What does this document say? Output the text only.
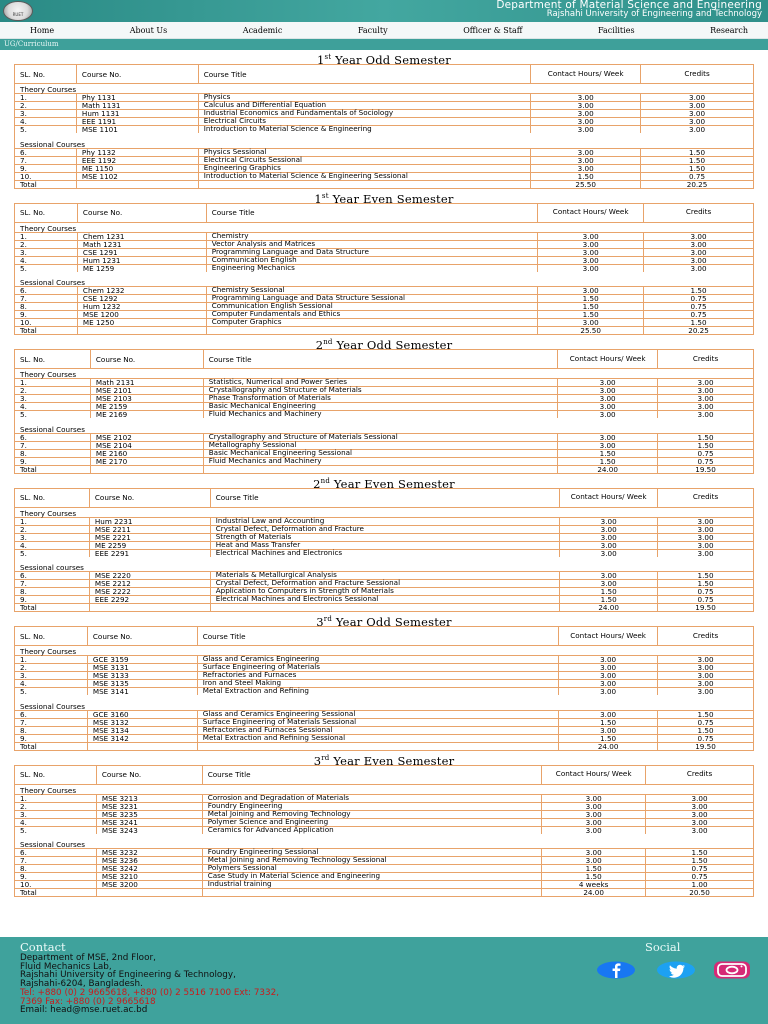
RUET
Department of Material Science and Engineering
Rajshahi University of Engineering and Technology
Home	About Us	Academic	Faculty	Officer & Staff	Facilities	Research
UG/Curriculum
1st Year Odd Semester
SL. No.	Course No.	Course Title	Contact Hours/ Week	Credits
Theory Courses				
1.	Phy 1131	Physics	3.00	3.00
2.	Math 1131	Calculus and Differential Equation	3.00	3.00
3.	Hum 1131	Industrial Economics and Fundamentals of Sociology	3.00	3.00
4.	EEE 1191	Electrical Circuits	3.00	3.00
5.	MSE 1101	Introduction to Material Science & Engineering	3.00	3.00

Sessional Courses				
6.	Phy 1132	Physics Sessional	3.00	1.50
7.	EEE 1192	Electrical Circuits Sessional	3.00	1.50
9.	ME 1150	Engineering Graphics	3.00	1.50
10.	MSE 1102	Introduction to Material Science & Engineering Sessional	1.50	0.75
Total			25.50	20.25
1st Year Even Semester
SL. No.	Course No.	Course Title	Contact Hours/ Week	Credits
Theory Courses				
1.	Chem 1231	Chemistry	3.00	3.00
2.	Math 1231	Vector Analysis and Matrices	3.00	3.00
3.	CSE 1291	Programming Language and Data Structure	3.00	3.00
4.	Hum 1231	Communication English	3.00	3.00
5.	ME 1259	Engineering Mechanics	3.00	3.00

Sessional Courses				
6.	Chem 1232	Chemistry Sessional	3.00	1.50
7.	CSE 1292	Programming Language and Data Structure Sessional	1.50	0.75
8.	Hum 1232	Communication English Sessional	1.50	0.75
9.	MSE 1200	Computer Fundamentals and Ethics	1.50	0.75
10.	ME 1250	Computer Graphics	3.00	1.50
Total			25.50	20.25
2nd Year Odd Semester
SL. No.	Course No.	Course Title	Contact Hours/ Week	Credits
Theory Courses				
1.	Math 2131	Statistics, Numerical and Power Series	3.00	3.00
2.	MSE 2101	Crystallography and Structure of Materials	3.00	3.00
3.	MSE 2103	Phase Transformation of Materials	3.00	3.00
4.	ME 2159	Basic Mechanical Engineering	3.00	3.00
5.	ME 2169	Fluid Mechanics and Machinery	3.00	3.00

Sessional Courses				
6.	MSE 2102	Crystallography and Structure of Materials Sessional	3.00	1.50
7.	MSE 2104	Metallography Sessional	3.00	1.50
8.	ME 2160	Basic Mechanical Engineering Sessional	1.50	0.75
9.	ME 2170	Fluid Mechanics and Machinery	1.50	0.75
Total			24.00	19.50
2nd Year Even Semester
SL. No.	Course No.	Course Title	Contact Hours/ Week	Credits
Theory Courses				
1.	Hum 2231	Industrial Law and Accounting	3.00	3.00
2.	MSE 2211	Crystal Defect, Deformation and Fracture	3.00	3.00
3.	MSE 2221	Strength of Materials	3.00	3.00
4.	ME 2259	Heat and Mass Transfer	3.00	3.00
5.	EEE 2291	Electrical Machines and Electronics	3.00	3.00

Sessional courses				
6.	MSE 2220	Materials & Metallurgical Analysis	3.00	1.50
7.	MSE 2212	Crystal Defect, Deformation and Fracture Sessional	3.00	1.50
8.	MSE 2222	Application to Computers in Strength of Materials	1.50	0.75
9.	EEE 2292	Electrical Machines and Electronics Sessional	1.50	0.75
Total			24.00	19.50
3rd Year Odd Semester
SL. No.	Course No.	Course Title	Contact Hours/ Week	Credits
Theory Courses				
1.	GCE 3159	Glass and Ceramics Engineering	3.00	3.00
2.	MSE 3131	Surface Engineering of Materials	3.00	3.00
3.	MSE 3133	Refractories and Furnaces	3.00	3.00
4.	MSE 3135	Iron and Steel Making	3.00	3.00
5.	MSE 3141	Metal Extraction and Refining	3.00	3.00

Sessional Courses				
6.	GCE 3160	Glass and Ceramics Engineering Sessional	3.00	1.50
7.	MSE 3132	Surface Engineering of Materials Sessional	1.50	0.75
8.	MSE 3134	Refractories and Furnaces Sessional	3.00	1.50
9.	MSE 3142	Metal Extraction and Refining Sessional	1.50	0.75
Total			24.00	19.50
3rd Year Even Semester
SL. No.	Course No.	Course Title	Contact Hours/ Week	Credits
Theory Courses				
1.	MSE 3213	Corrosion and Degradation of Materials	3.00	3.00
2.	MSE 3231	Foundry Engineering	3.00	3.00
3.	MSE 3235	Metal Joining and Removing Technology	3.00	3.00
4.	MSE 3241	Polymer Science and Engineering	3.00	3.00
5.	MSE 3243	Ceramics for Advanced Application	3.00	3.00

Sessional Courses				
6.	MSE 3232	Foundry Engineering Sessional	3.00	1.50
7.	MSE 3236	Metal Joining and Removing Technology Sessional	3.00	1.50
8.	MSE 3242	Polymers Sessional	1.50	0.75
9.	MSE 3210	Case Study in Material Science and Engineering	1.50	0.75
10.	MSE 3200	Industrial training	4 weeks	1.00
Total			24.00	20.50
Contact	Social
Department of MSE, 2nd Floor,
Fluid Mechanics Lab,
Rajshahi University of Engineering & Technology,
Rajshahi-6204, Bangladesh.
Tel: +880 (0) 2 9665618, +880 (0) 2 5516 7100 Ext: 7332,
7369 Fax: +880 (0) 2 9665618
Email: head@mse.ruet.ac.bd
